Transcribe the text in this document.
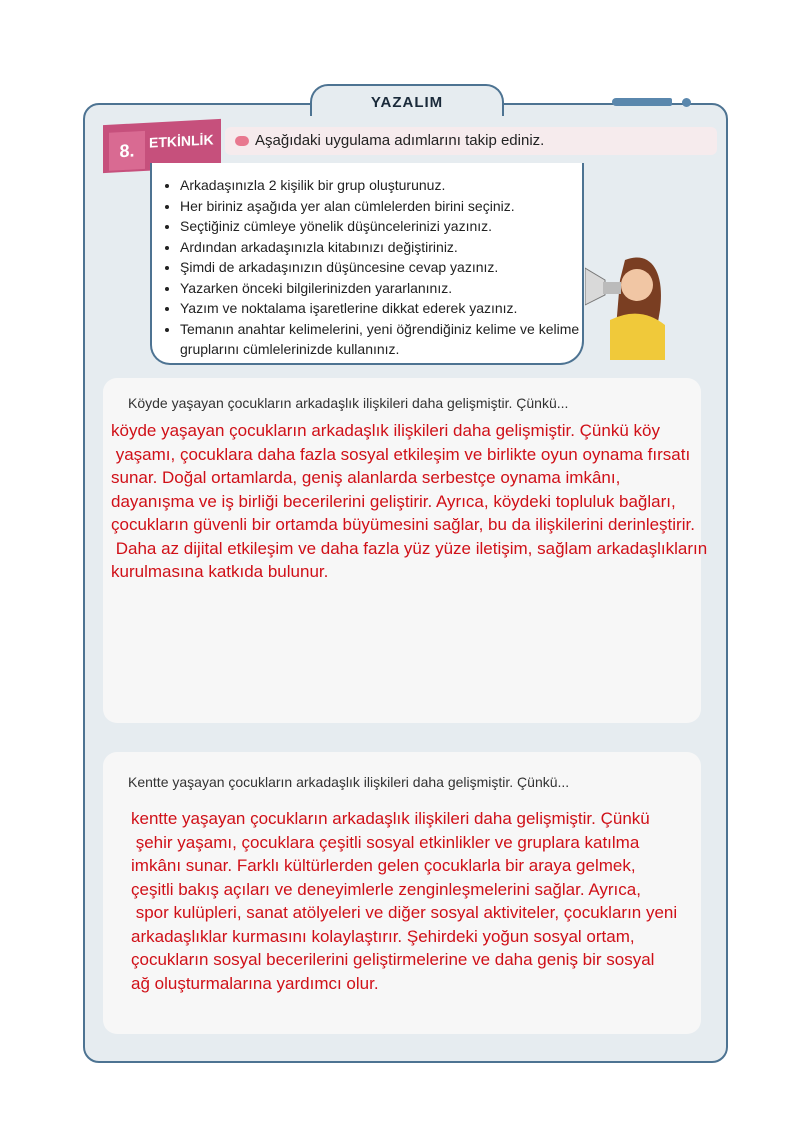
YAZALIM
Aşağıdaki uygulama adımlarını takip ediniz.
8.	ETKİNLİK
• Arkadaşınızla 2 kişilik bir grup oluşturunuz.
• Her biriniz aşağıda yer alan cümlelerden birini seçiniz.
• Seçtiğiniz cümleye yönelik düşüncelerinizi yazınız.
• Ardından arkadaşınızla kitabınızı değiştiriniz.
• Şimdi de arkadaşınızın düşüncesine cevap yazınız.
• Yazarken önceki bilgilerinizden yararlanınız.
• Yazım ve noktalama işaretlerine dikkat ederek yazınız.
• Temanın anahtar kelimelerini, yeni öğrendiğiniz kelime ve kelime gruplarını cümlelerinizde kullanınız.
Köyde yaşayan çocukların arkadaşlık ilişkileri daha gelişmiştir. Çünkü...
köyde yaşayan çocukların arkadaşlık ilişkileri daha gelişmiştir. Çünkü köy
yaşamı, çocuklara daha fazla sosyal etkileşim ve birlikte oyun oynama fırsatı
sunar. Doğal ortamlarda, geniş alanlarda serbestçe oynama imkânı,
dayanışma ve iş birliği becerilerini geliştirir. Ayrıca, köydeki topluluk bağları,
çocukların güvenli bir ortamda büyümesini sağlar, bu da ilişkilerini derinleştirir.
Daha az dijital etkileşim ve daha fazla yüz yüze iletişim, sağlam arkadaşlıkların
kurulmasına katkıda bulunur.
Kentte yaşayan çocukların arkadaşlık ilişkileri daha gelişmiştir. Çünkü...
kentte yaşayan çocukların arkadaşlık ilişkileri daha gelişmiştir. Çünkü
şehir yaşamı, çocuklara çeşitli sosyal etkinlikler ve gruplara katılma
imkânı sunar. Farklı kültürlerden gelen çocuklarla bir araya gelmek,
çeşitli bakış açıları ve deneyimlerle zenginleşmelerini sağlar. Ayrıca,
spor kulüpleri, sanat atölyeleri ve diğer sosyal aktiviteler, çocukların yeni
arkadaşlıklar kurmasını kolaylaştırır. Şehirdeki yoğun sosyal ortam,
çocukların sosyal becerilerini geliştirmelerine ve daha geniş bir sosyal
ağ oluşturmalarına yardımcı olur.
